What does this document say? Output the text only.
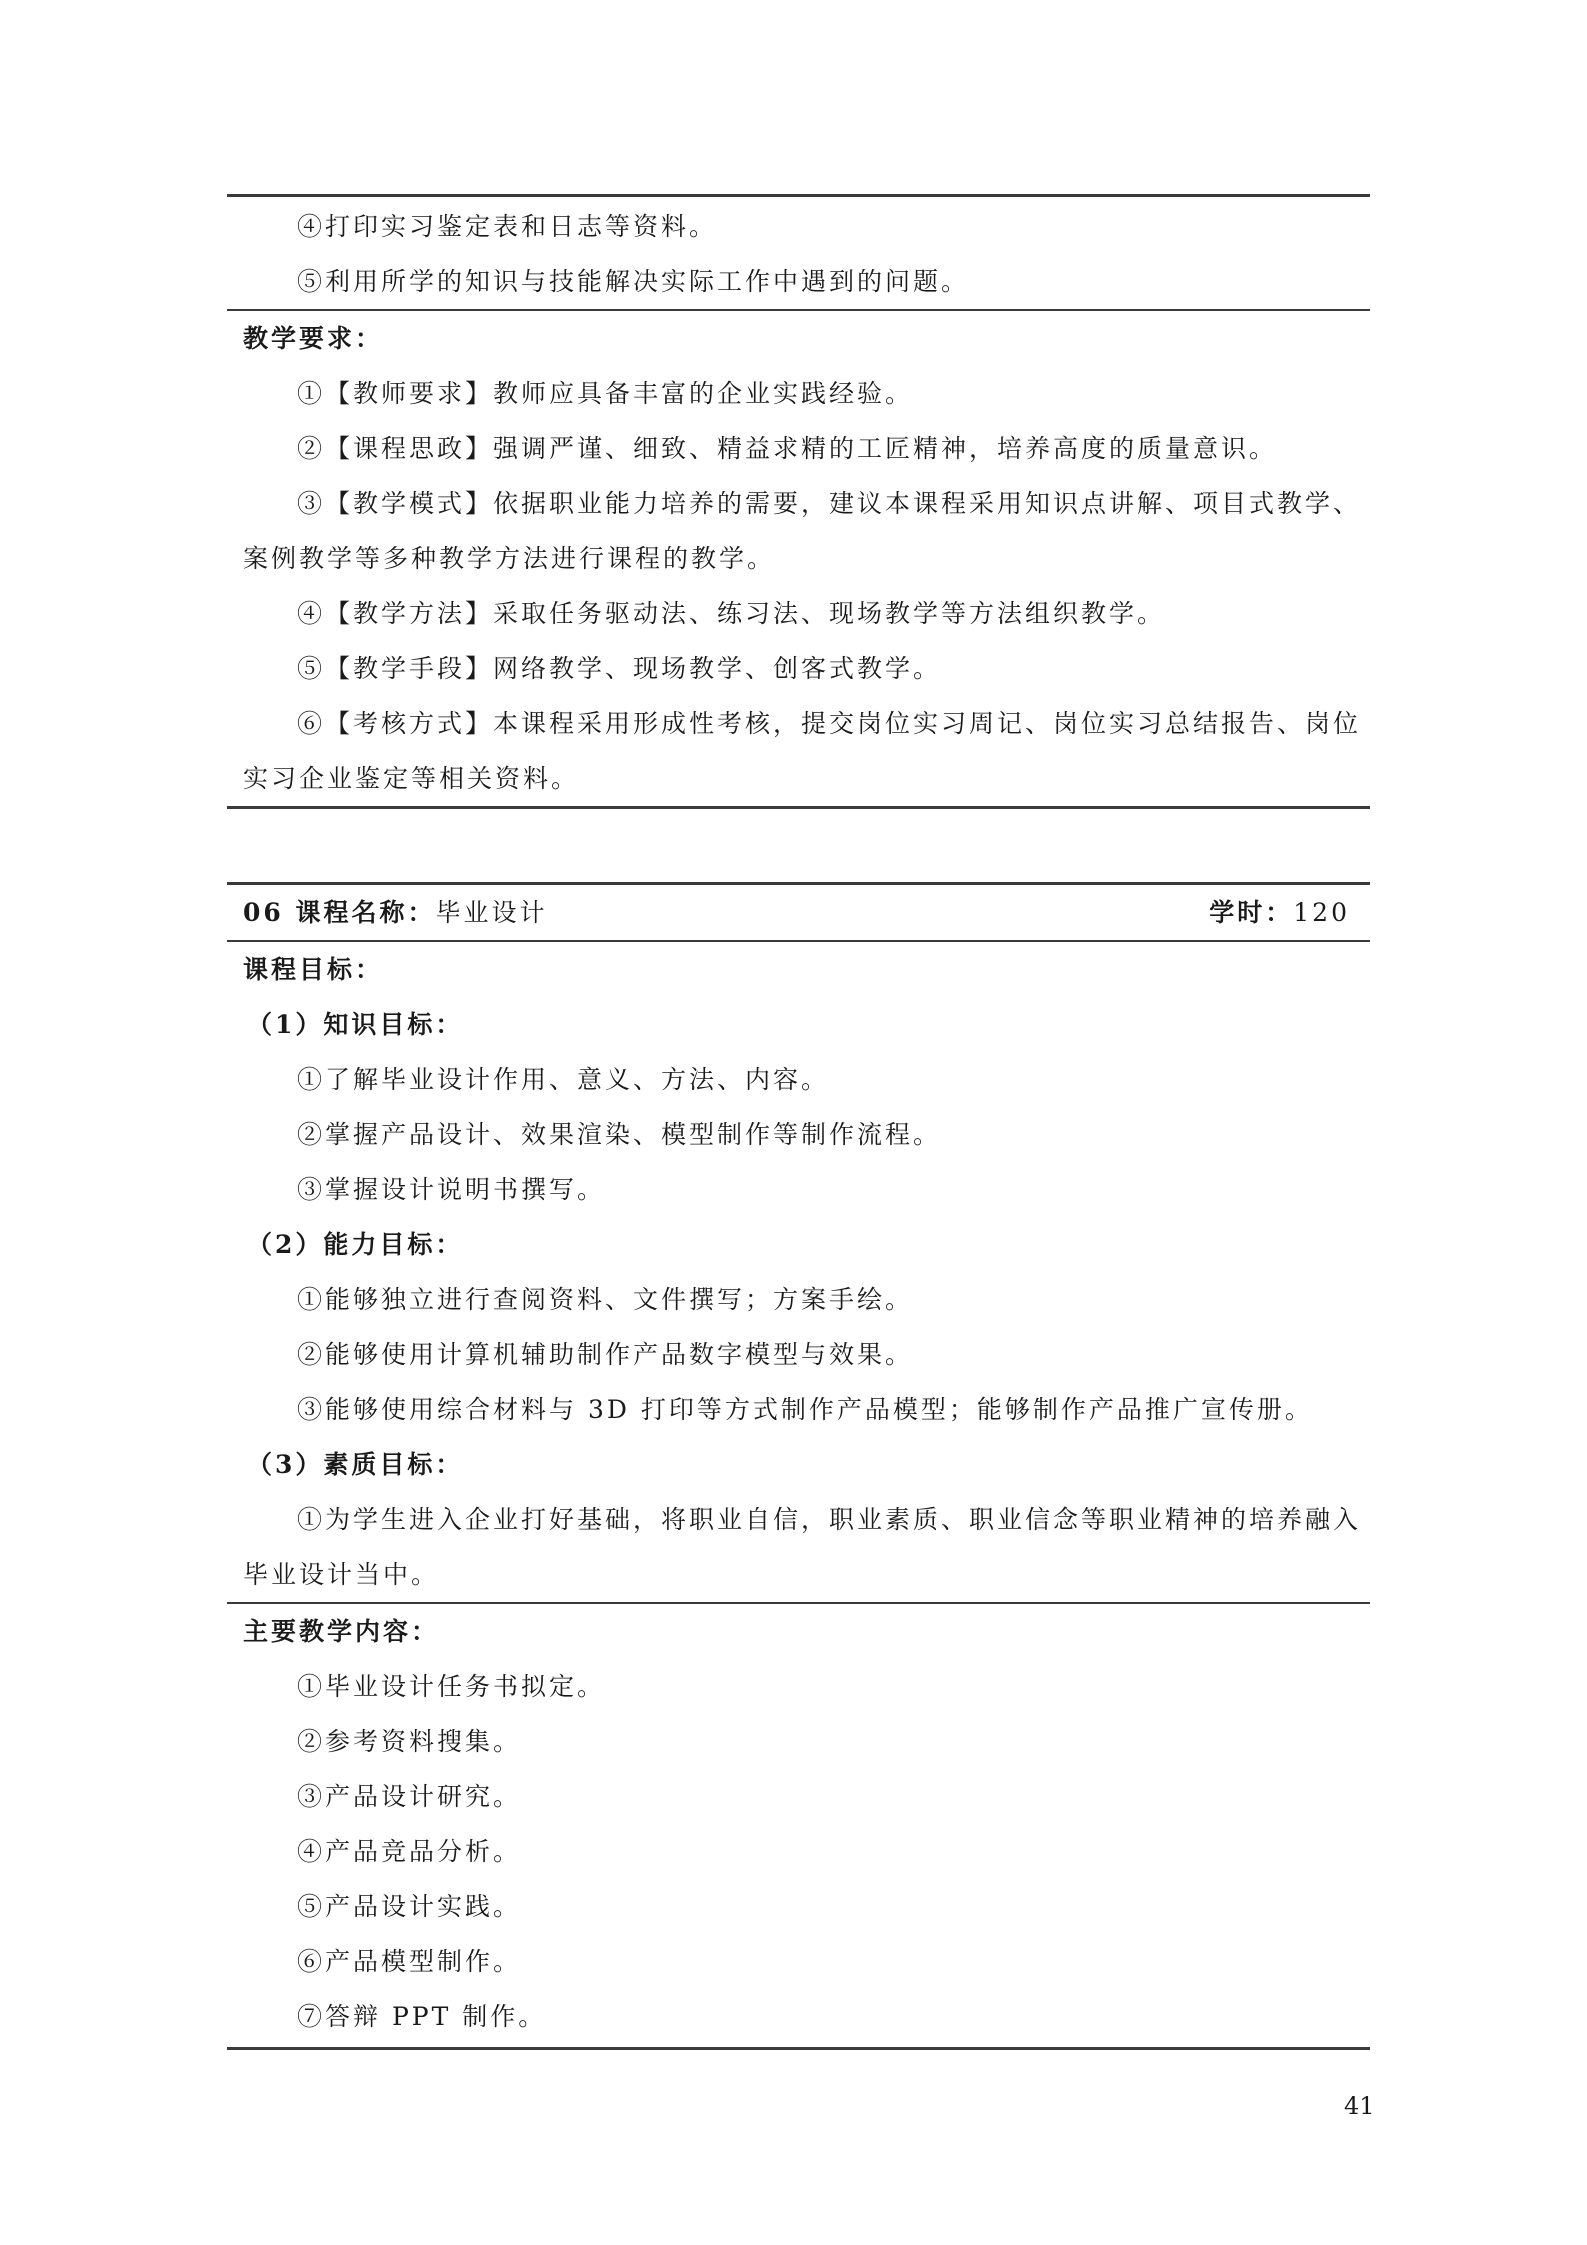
④打印实习鉴定表和日志等资料。
⑤利用所学的知识与技能解决实际工作中遇到的问题。
教学要求：
①【教师要求】教师应具备丰富的企业实践经验。
②【课程思政】强调严谨、细致、精益求精的工匠精神，培养高度的质量意识。
③【教学模式】依据职业能力培养的需要，建议本课程采用知识点讲解、项目式教学、
案例教学等多种教学方法进行课程的教学。
④【教学方法】采取任务驱动法、练习法、现场教学等方法组织教学。
⑤【教学手段】网络教学、现场教学、创客式教学。
⑥【考核方式】本课程采用形成性考核，提交岗位实习周记、岗位实习总结报告、岗位
实习企业鉴定等相关资料。
06 课程名称：毕业设计	学时：120
课程目标：
（1）知识目标：
①了解毕业设计作用、意义、方法、内容。
②掌握产品设计、效果渲染、模型制作等制作流程。
③掌握设计说明书撰写。
（2）能力目标：
①能够独立进行查阅资料、文件撰写；方案手绘。
②能够使用计算机辅助制作产品数字模型与效果。
③能够使用综合材料与 3D 打印等方式制作产品模型；能够制作产品推广宣传册。
（3）素质目标：
①为学生进入企业打好基础，将职业自信，职业素质、职业信念等职业精神的培养融入
毕业设计当中。
主要教学内容：
①毕业设计任务书拟定。
②参考资料搜集。
③产品设计研究。
④产品竞品分析。
⑤产品设计实践。
⑥产品模型制作。
⑦答辩 PPT 制作。
41
